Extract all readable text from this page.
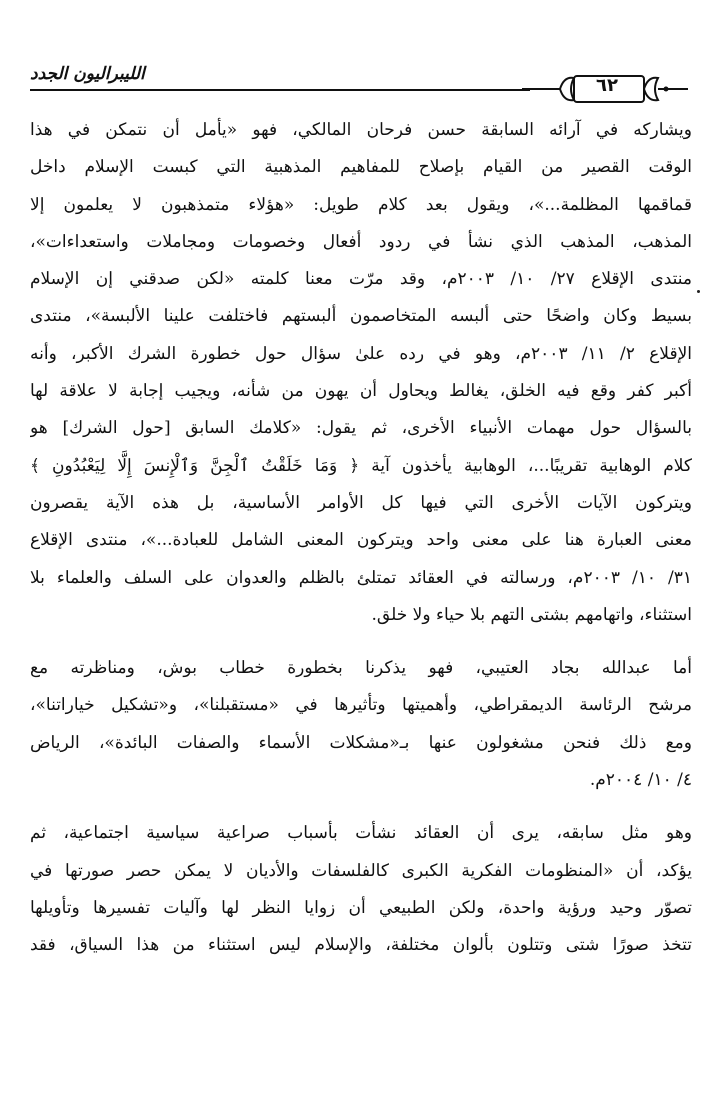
الليبراليون الجدد
٦٢
ويشاركه في آرائه السابقة حسن فرحان المالكي، فهو «يأمل أن نتمكن في هذا
الوقت القصير من القيام بإصلاح للمفاهيم المذهبية التي كبست الإسلام داخل
قماقمها المظلمة...»، ويقول بعد كلام طويل: «هؤلاء متمذهبون لا يعلمون إلا
المذهب، المذهب الذي نشأ في ردود أفعال وخصومات ومجاملات واستعداءات»،
منتدى الإقلاع ٢٧/ ١٠/ ٢٠٠٣م، وقد مرّت معنا كلمته «لكن صدقني إن الإسلام
بسيط وكان واضحًا حتى ألبسه المتخاصمون ألبستهم فاختلفت علينا الألبسة»، منتدى
الإقلاع ٢/ ١١/ ٢٠٠٣م، وهو في رده علىٰ سؤال حول خطورة الشرك الأكبر، وأنه
أكبر كفر وقع فيه الخلق، يغالط ويحاول أن يهون من شأنه، ويجيب إجابة لا علاقة لها
بالسؤال حول مهمات الأنبياء الأخرى، ثم يقول: «كلامك السابق [حول الشرك] هو
كلام الوهابية تقريبًا...، الوهابية يأخذون آية ﴿ وَمَا خَلَقْتُ ٱلْجِنَّ وَٱلْإِنسَ إِلَّا لِيَعْبُدُونِ ﴾
ويتركون الآيات الأخرى التي فيها كل الأوامر الأساسية، بل هذه الآية يقصرون
معنى العبارة هنا على معنى واحد ويتركون المعنى الشامل للعبادة...»، منتدى الإقلاع
٣١/ ١٠/ ٢٠٠٣م، ورسالته في العقائد تمتلئ بالظلم والعدوان على السلف والعلماء بلا
استثناء، واتهامهم بشتى التهم بلا حياء ولا خلق.
أما عبدالله بجاد العتيبي، فهو يذكرنا بخطورة خطاب بوش، ومناظرته مع
مرشح الرئاسة الديمقراطي، وأهميتها وتأثيرها في «مستقبلنا»، و«تشكيل خياراتنا»،
ومع ذلك فنحن مشغولون عنها بـ«مشكلات الأسماء والصفات البائدة»، الرياض
٤/ ١٠/ ٢٠٠٤م.
وهو مثل سابقه، يرى أن العقائد نشأت بأسباب صراعية سياسية اجتماعية، ثم
يؤكد، أن «المنظومات الفكرية الكبرى كالفلسفات والأديان لا يمكن حصر صورتها في
تصوّر وحيد ورؤية واحدة، ولكن الطبيعي أن زوايا النظر لها وآليات تفسيرها وتأويلها
تتخذ صورًا شتى وتتلون بألوان مختلفة، والإسلام ليس استثناء من هذا السياق، فقد
